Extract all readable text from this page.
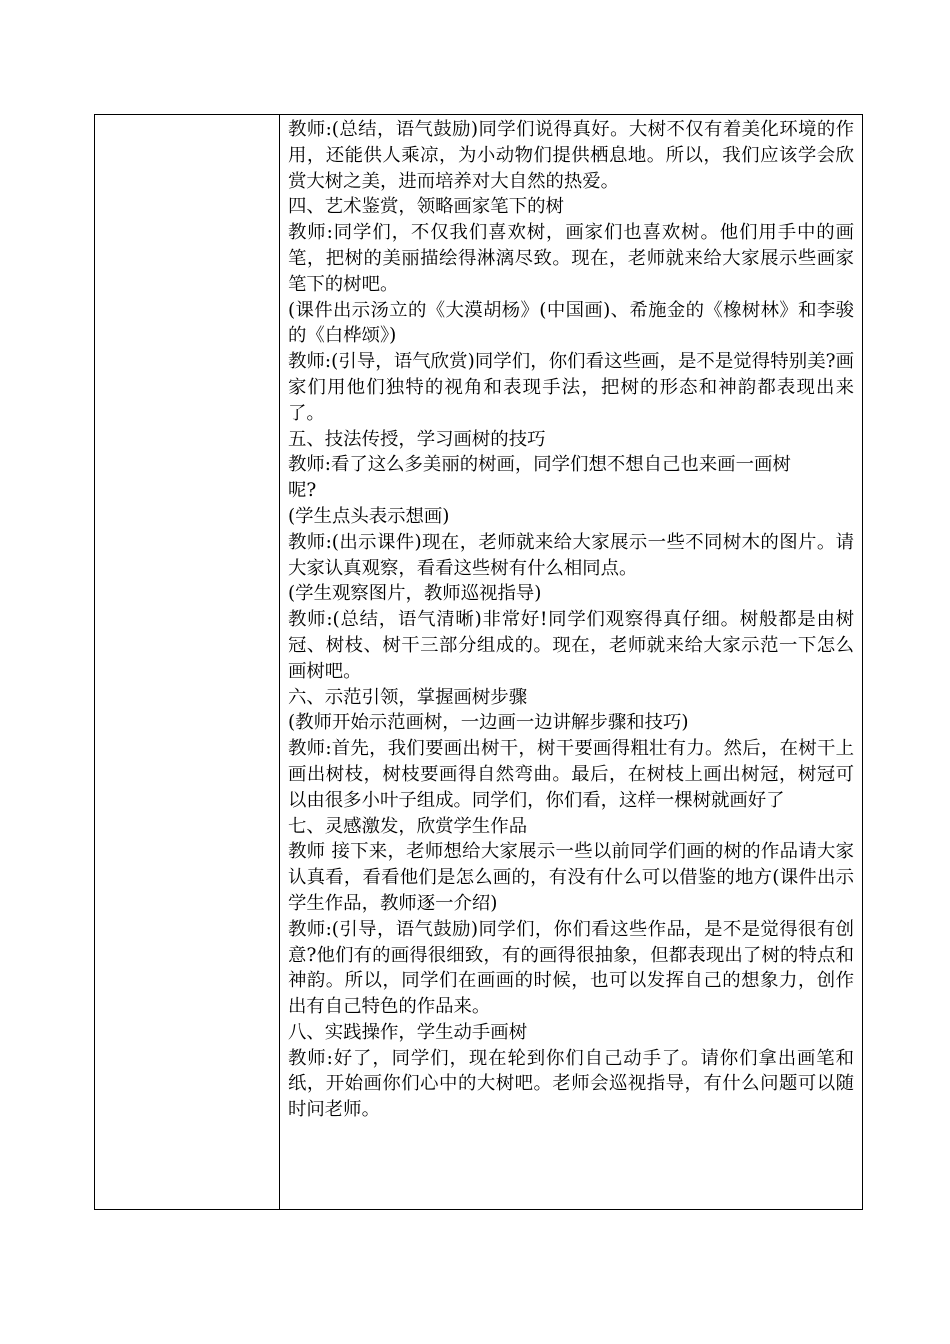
教师:(总结，语气鼓励)同学们说得真好。大树不仅有着美化环境的作用，还能供人乘凉，为小动物们提供栖息地。所以，我们应该学会欣赏大树之美，进而培养对大自然的热爱。

四、艺术鉴赏，领略画家笔下的树

教师:同学们，不仅我们喜欢树，画家们也喜欢树。他们用手中的画笔，把树的美丽描绘得淋漓尽致。现在，老师就来给大家展示些画家笔下的树吧。

(课件出示汤立的《大漠胡杨》(中国画)、希施金的《橡树林》和李骏的《白桦颂》)

教师:(引导，语气欣赏)同学们，你们看这些画，是不是觉得特别美?画家们用他们独特的视角和表现手法，把树的形态和神韵都表现出来了。

五、技法传授，学习画树的技巧

教师:看了这么多美丽的树画，同学们想不想自己也来画一画树

呢?

(学生点头表示想画)

教师:(出示课件)现在，老师就来给大家展示一些不同树木的图片。请大家认真观察，看看这些树有什么相同点。

(学生观察图片，教师巡视指导)

教师:(总结，语气清晰)非常好!同学们观察得真仔细。树般都是由树冠、树枝、树干三部分组成的。现在，老师就来给大家示范一下怎么画树吧。

六、示范引领，掌握画树步骤

(教师开始示范画树，一边画一边讲解步骤和技巧)

教师:首先，我们要画出树干，树干要画得粗壮有力。然后，在树干上画出树枝，树枝要画得自然弯曲。最后，在树枝上画出树冠，树冠可以由很多小叶子组成。同学们，你们看，这样一棵树就画好了

七、灵感激发，欣赏学生作品

教师 接下来，老师想给大家展示一些以前同学们画的树的作品请大家认真看，看看他们是怎么画的，有没有什么可以借鉴的地方(课件出示学生作品，教师逐一介绍)

教师:(引导，语气鼓励)同学们，你们看这些作品，是不是觉得很有创意?他们有的画得很细致，有的画得很抽象，但都表现出了树的特点和神韵。所以，同学们在画画的时候，也可以发挥自己的想象力，创作出有自己特色的作品来。

八、实践操作，学生动手画树

教师:好了，同学们，现在轮到你们自己动手了。请你们拿出画笔和纸，开始画你们心中的大树吧。老师会巡视指导，有什么问题可以随时问老师。
